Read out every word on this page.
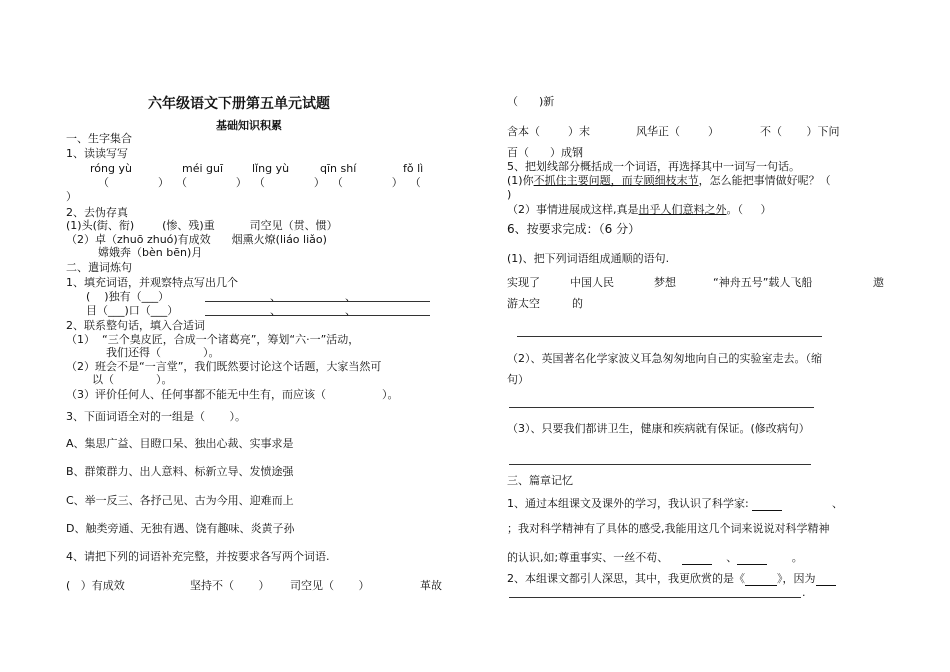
六年级语文下册第五单元试题
基础知识积累
一、生字集合
1、读读写写
róng yù	méi guī	lǐng yù	qīn shí	fǒ lì
（              ）  （              ）  （              ）  （              ）  （
）
2、去伪存真
(1)头(街、衔)        (惨、残)重          司空见（贯、惯）
（2）卓（zhuō zhuó)有成效      烟熏火燎(liáo liǎo)
嫦娥奔（bèn bēn)月
二、遣词炼句
1、填充词语，并观察特点写出几个
(    )独有（___）	、	、
目（___)口（___）	、	、
2、联系整句话，填入合适词
（1）  “三个臭皮匠，合成一个诸葛亮”，筹划“六·一”活动，
我们还得（            ）。
（2）班会不是“一言堂”，我们既然要讨论这个话题，大家当然可
以（            ）。
（3）评价任何人、任何事都不能无中生有，而应该（                ）。
3、下面词语全对的一组是（       ）。
A、集思广益、目瞪口呆、独出心裁、实事求是
B、群策群力、出人意料、标新立导、发愤途强
C、举一反三、各抒己见、古为今用、迎难而上
D、触类旁通、无独有遇、饶有趣味、炎黄子孙
4、请把下列的词语补充完整，并按要求各写两个词语.
(   ）有成效	坚持不（       ） 司空见（       ）	革故
（      )新
含本（        ）末	风华正（        ）	不（       ）下问
百（      ）成钢
5、把划线部分概括成一个词语，再选择其中一词写一句话。
(1)你不抓住主要问题，而专顾细枝末节，怎么能把事情做好呢？（
)
（2）事情进展成这样,真是出乎人们意料之外。（     ）
6、按要求完成：（6 分）
(1)、把下列词语组成通顺的语句.
实现了	中国人民	梦想	“神舟五号”载人飞船	遨
游太空	的
（2）、英国著名化学家波义耳急匆匆地向自己的实验室走去。（缩
句）
（3）、只要我们都讲卫生，健康和疾病就有保证。(修改病句）
三、篇章记忆
1、通过本组课文及课外的学习，我认识了科学家:	、
；我对科学精神有了具体的感受,我能用这几个词来说说对科学精神
的认识,如;尊重事实、一丝不苟、	、	。
2、本组课文都引人深思，其中，我更欣赏的是《	》，因为
.
